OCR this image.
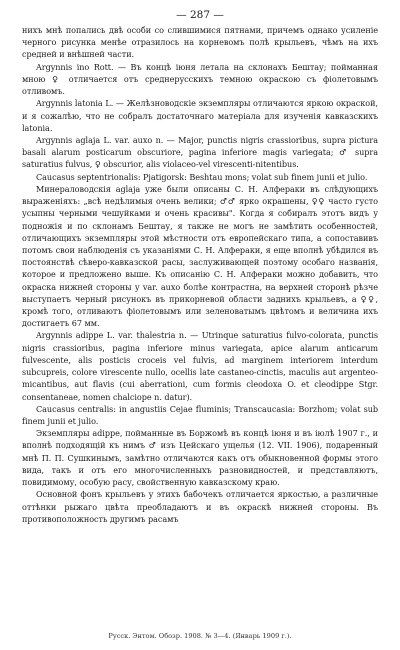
— 287 —
нихъ мнѣ попались двѣ особи со слившимися пятнами, причемъ однако усиленіе черного рисунка менѣе отразилось на корневомъ полѣ крыльевъ, чѣмъ на ихъ средней и внѣшней части.
Argynnis ino Rott. — Въ концѣ іюня летала на склонахъ Бештау; пойманная мною ♀ отличается отъ среднерусскихъ темною окраскою съ фіолетовымъ отливомъ.
Argynnis latonia L. — Желѣзноводскіе экземпляры отличаются яркою окраской, и я сожалѣю, что не собралъ достаточнаго матеріала для изученія кавказскихъ latonia.
Argynnis aglaja L. var. auxo n. — Major, punctis nigris crassioribus, supra pictura basali alarum posticarum obscuriore, pagina inferiore magis variegata; ♂ supra saturatius fulvus, ♀ obscurior, alis violaceo-vel virescenti-nitentibus.
Caucasus septentrionalis: Pjatigorsk: Beshtau mons; volat sub finem junii et julio.
Минераловодскія aglaja уже были описаны С. Н. Алфераки въ слѣдующихъ выраженіяхъ: „всѣ недѣлимыя очень велики; ♂♂ ярко окрашены, ♀♀ часто густо усыпны черными чешуйками и очень красивы". Когда я собиралъ этотъ видъ у подножія и по склонамъ Бештау, я также не могъ не замѣтить особенностей, отличающихъ экземпляры этой мѣстности отъ европейскаго типа, а сопоставивъ потомъ свои наблюденія съ указаніями С. Н. Алфераки, я еще вполнѣ убѣдился въ постоянствѣ сѣверо-кавказской расы, заслуживающей поэтому особаго названія, которое и предложено выше. Къ описанію С. Н. Алфераки можно добавить, что окраска нижней стороны у var. auxo болѣе контрастна, на верхней сторонѣ рѣзче выступаетъ черный рисунокъ въ прикорневой области заднихъ крыльевъ, а ♀♀, кромѣ того, отливаютъ фіолетовымъ или зеленоватымъ цвѣтомъ и величина ихъ достигаетъ 67 мм.
Argynnis adippe L. var. thalestria n. — Utrinque saturatius fulvo-colorata, punctis nigris crassioribus, pagina inferiore minus variegata, apice alarum anticarum fulvescente, alis posticis croceis vel fulvis, ad marginem interiorem interdum subcupreis, colore virescente nullo, ocellis late castaneo-cinctis, maculis aut argenteo-micantibus, aut flavis (cui aberrationi, cum formis cleodoxa O. et cleodippe Stgr. consentaneae, nomen chalciope n. datur).
Caucasus centralis: in angustiis Cejae fluminis; Transcaucasia: Borzhom; volat sub finem junii et julio.
Экземпляры adippe, пойманные въ Боржомѣ въ концѣ іюня и въ іюлѣ 1907 г., и вполнѣ подходящій къ нимъ ♂ изъ Цейскаго ущелья (12. VII. 1906), подаренный мнѣ П. П. Сушкинымъ, замѣтно отличаются какъ отъ обыкновенной формы этого вида, такъ и отъ его многочисленныхъ разновидностей, и представляютъ, повидимому, особую расу, свойственную кавказскому краю.
Основной фонъ крыльевъ у этихъ бабочекъ отличается яркостью, а различные оттѣнки рыжаго цвѣта преобладаютъ и въ окраскѣ нижней стороны. Въ противоположность другимъ расамъ
Русск. Энтом. Обозр. 1908. № 3—4. (Январь 1909 г.).
